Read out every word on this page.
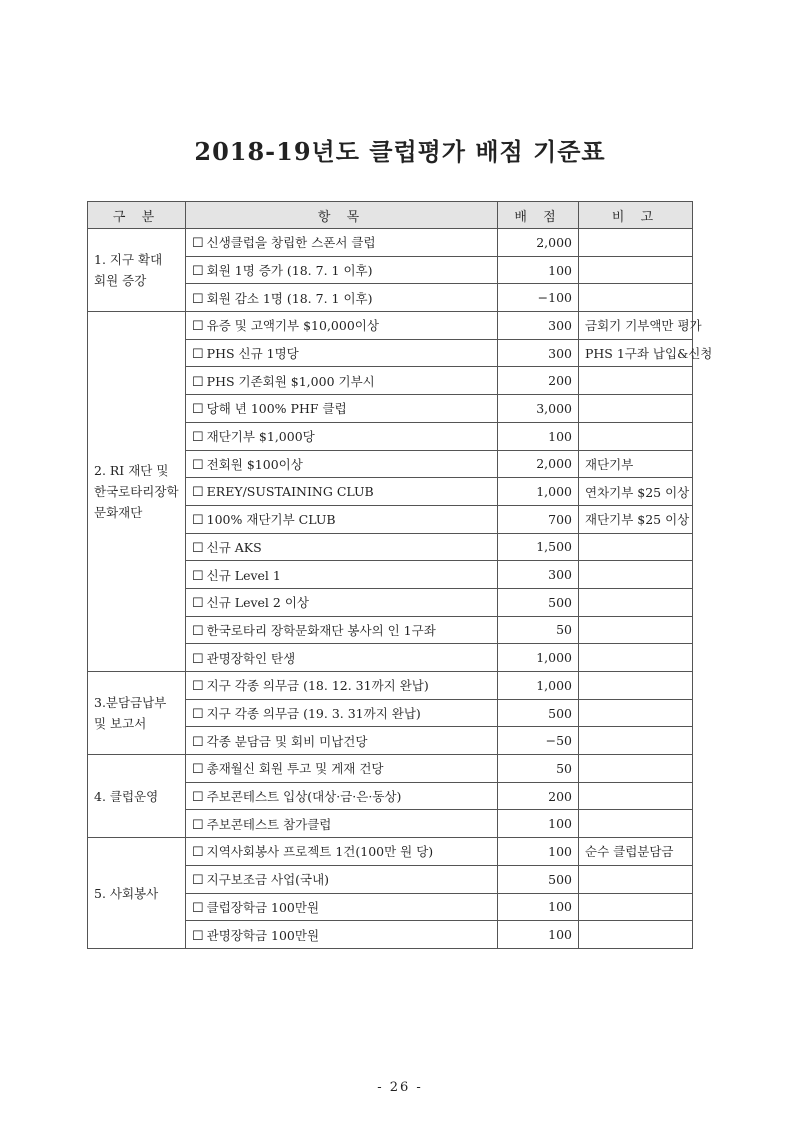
2018-19년도 클럽평가 배점 기준표
구 분	항 목	배 점	비 고
1. 지구 확대
회원 증강	☐ 신생클럽을 창립한 스폰서 클럽	2,000	
	☐ 회원 1명 증가 (18. 7. 1 이후)	100	
	☐ 회원 감소 1명 (18. 7. 1 이후)	−100	
2. RI 재단 및
한국로타리장학
문화재단	☐ 유증 및 고액기부 $10,000이상	300	금회기 기부액만 평가
	☐ PHS 신규 1명당	300	PHS 1구좌 납입&신청
	☐ PHS 기존회원 $1,000 기부시	200	
	☐ 당해 년 100% PHF 클럽	3,000	
	☐ 재단기부 $1,000당	100	
	☐ 전회원 $100이상	2,000	재단기부
	☐ EREY/SUSTAINING CLUB	1,000	연차기부 $25 이상
	☐ 100% 재단기부 CLUB	700	재단기부 $25 이상
	☐ 신규 AKS	1,500	
	☐ 신규 Level 1	300	
	☐ 신규 Level 2 이상	500	
	☐ 한국로타리 장학문화재단 봉사의 인 1구좌	50	
	☐ 관명장학인 탄생	1,000	
3.분담금납부
및 보고서	☐ 지구 각종 의무금 (18. 12. 31까지 완납)	1,000	
	☐ 지구 각종 의무금 (19. 3. 31까지 완납)	500	
	☐ 각종 분담금 및 회비 미납건당	−50	
4. 클럽운영	☐ 총재월신 회원 투고 및 게재 건당	50	
	☐ 주보콘테스트 입상(대상·금·은·동상)	200	
	☐ 주보콘테스트 참가클럽	100	
5. 사회봉사	☐ 지역사회봉사 프로젝트 1건(100만 원 당)	100	순수 클럽분담금
	☐ 지구보조금 사업(국내)	500	
	☐ 클럽장학금 100만원	100	
	☐ 관명장학금 100만원	100	
- 26 -
